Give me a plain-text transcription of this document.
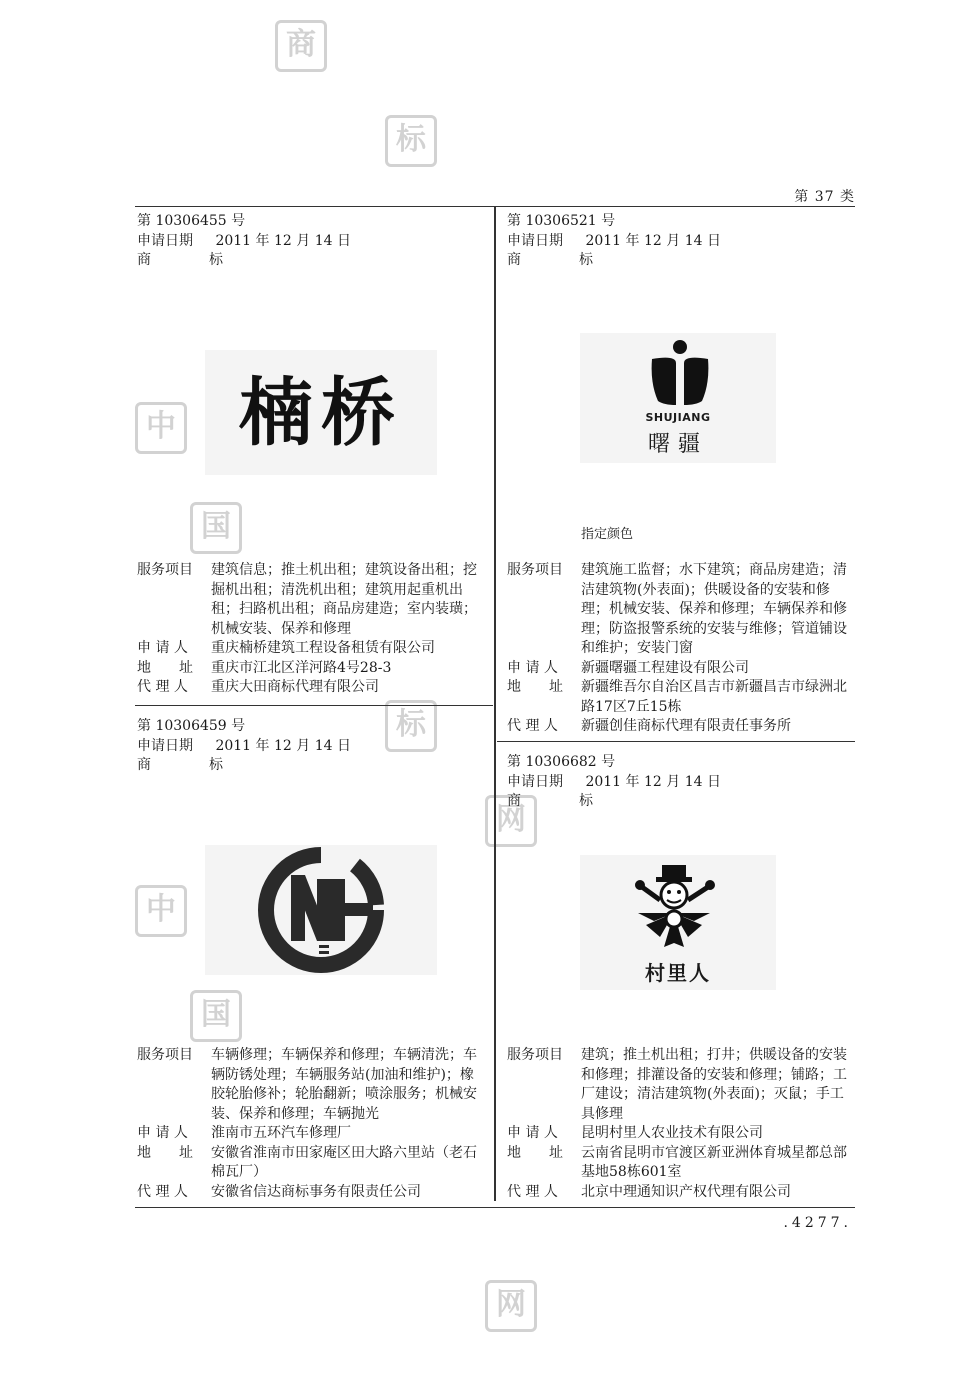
商
标
中
国
中
国
标
网
网
第 37 类
.4277.
第 10306455 号
申请日期 2011 年 12 月 14 日
商　标
楠桥
服务项目	建筑信息；推土机出租；建筑设备出租；挖掘机出租；清洗机出租；建筑用起重机出租；扫路机出租；商品房建造；室内装璜；机械安装、保养和修理
申 请 人	重庆楠桥建筑工程设备租赁有限公司
地　　址	重庆市江北区洋河路4号28-3
代 理 人	重庆大田商标代理有限公司
第 10306459 号
申请日期 2011 年 12 月 14 日
商　标
服务项目	车辆修理；车辆保养和修理；车辆清洗；车辆防锈处理；车辆服务站(加油和维护)；橡胶轮胎修补；轮胎翻新；喷涂服务；机械安装、保养和修理；车辆抛光
申 请 人	淮南市五环汽车修理厂
地　　址	安徽省淮南市田家庵区田大路六里站（老石棉瓦厂）
代 理 人	安徽省信达商标事务有限责任公司
第 10306521 号
申请日期 2011 年 12 月 14 日
商　标
SHUJIANG
曙疆
指定颜色
服务项目	建筑施工监督；水下建筑；商品房建造；清洁建筑物(外表面)；供暖设备的安装和修理；机械安装、保养和修理；车辆保养和修理；防盗报警系统的安装与维修；管道铺设和维护；安装门窗
申 请 人	新疆曙疆工程建设有限公司
地　　址	新疆维吾尔自治区昌吉市新疆昌吉市绿洲北路17区7丘15栋
代 理 人	新疆创佳商标代理有限责任事务所
第 10306682 号
申请日期 2011 年 12 月 14 日
商　标
村里人
服务项目	建筑；推土机出租；打井；供暖设备的安装和修理；排灌设备的安装和修理；铺路；工厂建设；清洁建筑物(外表面)；灭鼠；手工具修理
申 请 人	昆明村里人农业技术有限公司
地　　址	云南省昆明市官渡区新亚洲体育城星都总部基地58栋601室
代 理 人	北京中理通知识产权代理有限公司
